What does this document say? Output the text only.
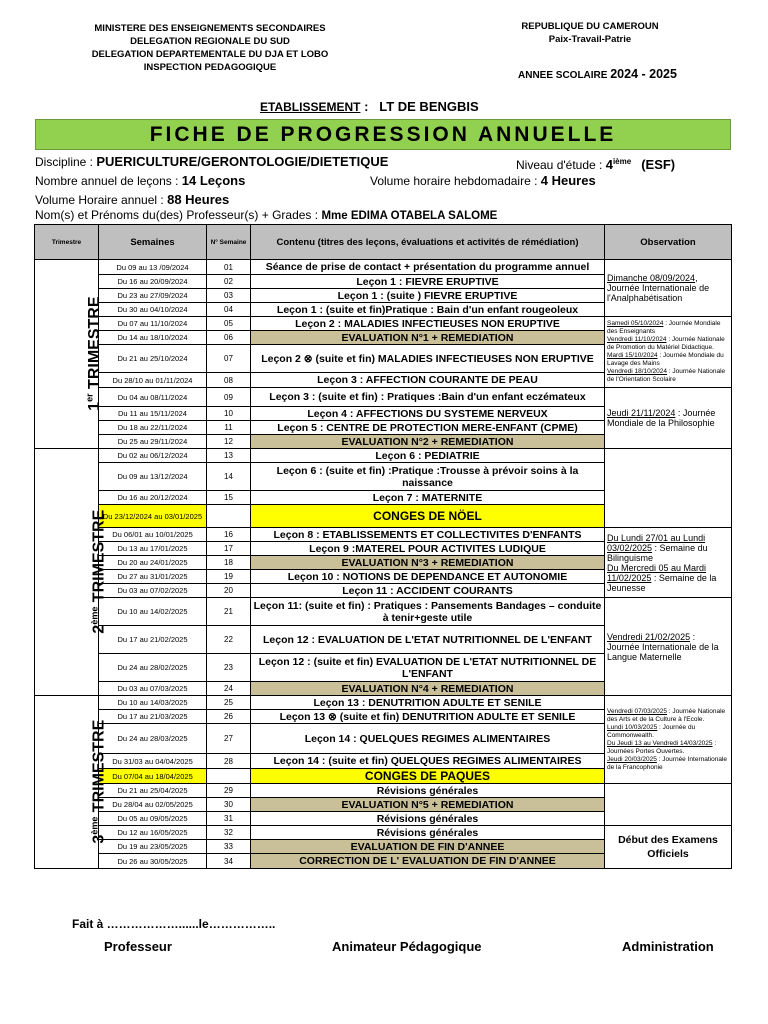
MINISTERE DES ENSEIGNEMENTS SECONDAIRES
DELEGATION REGIONALE DU SUD
DELEGATION DEPARTEMENTALE DU DJA ET LOBO
INSPECTION PEDAGOGIQUE
REPUBLIQUE DU CAMEROUN
Paix-Travail-Patrie
ANNEE SCOLAIRE 2024 - 2025
ETABLISSEMENT :   LT DE BENGBIS
FICHE DE PROGRESSION ANNUELLE
Discipline : PUERICULTURE/GERONTOLOGIE/DIETETIQUE	Niveau d'étude : 4ième (ESF)
Nombre annuel de leçons : 14 Leçons	Volume horaire hebdomadaire : 4 Heures
Volume Horaire annuel : 88 Heures
Nom(s) et Prénoms du(des) Professeur(s) + Grades : Mme EDIMA OTABELA SALOME
Trimestre	Semaines	N° Semaine	Contenu (titres des leçons, évaluations et activités de rémédiation)	Observation
1er TRIMESTRE	Du 09 au 13 /09/2024	01	Séance de prise de contact + présentation du programme annuel	Dimanche 08/09/2024, Journée Internationale de l'Analphabétisation
	Du 16 au 20/09/2024	02	Leçon 1 : FIEVRE ERUPTIVE	
	Du 23 au 27/09/2024	03	Leçon 1 : (suite ) FIEVRE ERUPTIVE	
	Du 30 au 04/10/2024	04	Leçon 1 : (suite et fin)Pratique : Bain d'un enfant rougeoleux	
	Du 07 au 11/10/2024	05	Leçon 2 : MALADIES INFECTIEUSES NON ERUPTIVE	Samedi 05/10/2024 : Journée Mondiale des Enseignants
Vendredi 11/10/2024 : Journée Nationale de Promotion du Matériel Didactique.
Mardi 15/10/2024 : Journée Mondiale du Lavage des Mains
Vendredi 18/10/2024 : Journée Nationale de l'Orientation Scolaire

	Du 14 au 18/10/2024	06	EVALUATION N°1 + REMEDIATION	
	Du 21 au 25/10/2024	07	Leçon 2 ⊗ (suite et fin) MALADIES INFECTIEUSES NON ERUPTIVE	
	Du 28/10 au 01/11/2024	08	Leçon 3 : AFFECTION COURANTE DE PEAU	
	Du 04 au 08/11/2024	09	Leçon 3 : (suite et fin) : Pratiques :Bain d'un enfant eczémateux	Jeudi 21/11/2024 : Journée Mondiale de la Philosophie
	Du 11 au 15/11/2024	10	Leçon 4 : AFFECTIONS DU SYSTEME NERVEUX	
	Du 18 au 22/11/2024	11	Leçon 5 : CENTRE DE PROTECTION MERE-ENFANT (CPME)	
	Du 25 au 29/11/2024	12	EVALUATION N°2 + REMEDIATION	
2ème TRIMESTRE	Du 02 au 06/12/2024	13	Leçon 6 : PEDIATRIE	
	Du 09 au 13/12/2024	14	Leçon 6 : (suite et fin) :Pratique :Trousse à prévoir soins à la naissance	
	Du 16 au 20/12/2024	15	Leçon 7 : MATERNITE	
	Du 23/12/2024 au 03/01/2025		CONGES DE NÖEL	
	Du 06/01 au 10/01/2025	16	Leçon 8 : ETABLISSEMENTS ET COLLECTIVITES D'ENFANTS	Du Lundi 27/01 au Lundi 03/02/2025 : Semaine du Bilinguisme
Du Mercredi 05 au Mardi 11/02/2025 : Semaine de la Jeunesse

	Du 13 au 17/01/2025	17	Leçon 9 :MATEREL POUR ACTIVITES LUDIQUE	
	Du 20 au 24/01/2025	18	EVALUATION N°3 + REMEDIATION	
	Du 27 au 31/01/2025	19	Leçon 10 : NOTIONS DE DEPENDANCE ET AUTONOMIE	
	Du 03 au 07/02/2025	20	Leçon 11 : ACCIDENT COURANTS	
	Du 10 au 14/02/2025	21	Leçon 11: (suite et fin) : Pratiques : Pansements Bandages – conduite à tenir+geste utile	Vendredi 21/02/2025 : Journée Internationale de la Langue Maternelle
	Du 17 au 21/02/2025	22	Leçon 12 : EVALUATION DE L'ETAT NUTRITIONNEL DE L'ENFANT	
	Du 24 au 28/02/2025	23	Leçon 12 : (suite et fin) EVALUATION DE L'ETAT NUTRITIONNEL DE L'ENFANT	
	Du 03 au 07/03/2025	24	EVALUATION N°4 + REMEDIATION	
3ème TRIMESTRE	Du 10 au 14/03/2025	25	Leçon 13 : DENUTRITION ADULTE ET SENILE	Vendredi 07/03/2025 : Journée Nationale des Arts et de la Culture à l'Ecole.
Lundi 10/03/2025 : Journée du Commonwealth.
Du Jeudi 13 au Vendredi 14/03/2025 : Journées Portes Ouvertes.
Jeudi 20/03/2025 : Journée Internationale de la Francophonie

	Du 17 au 21/03/2025	26	Leçon 13 ⊗ (suite et fin) DENUTRITION ADULTE ET SENILE	
	Du 24 au 28/03/2025	27	Leçon 14 : QUELQUES REGIMES ALIMENTAIRES	
	Du 31/03 au 04/04/2025	28	Leçon 14 : (suite et fin) QUELQUES REGIMES ALIMENTAIRES	
	Du 07/04 au 18/04/2025		CONGES DE PAQUES	
	Du 21 au 25/04/2025	29	Révisions générales	
	Du 28/04 au 02/05/2025	30	EVALUATION N°5 + REMEDIATION	
	Du 05 au 09/05/2025	31	Révisions générales	
	Du 12 au 16/05/2025	32	Révisions générales	Début des Examens Officiels
	Du 19 au 23/05/2025	33	EVALUATION DE FIN D'ANNEE	
	Du 26 au 30/05/2025	34	CORRECTION DE L' EVALUATION DE FIN D'ANNEE	
Fait à ………………......le……………..
Professeur	Animateur Pédagogique	Administration
